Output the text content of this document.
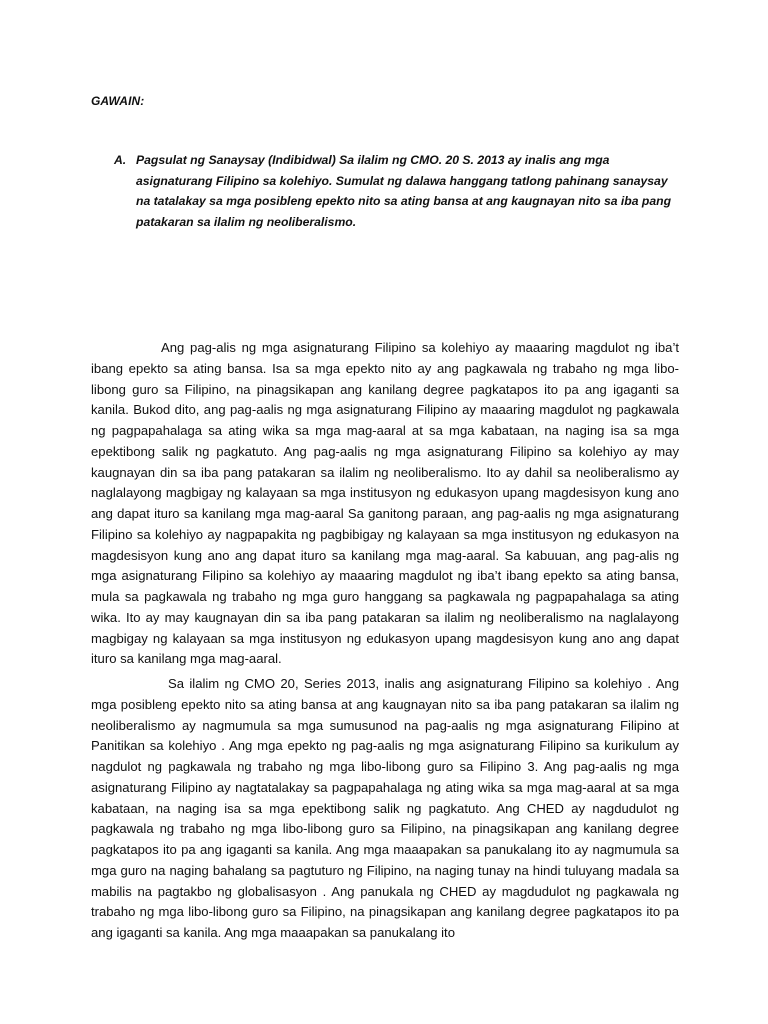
GAWAIN:
A. Pagsulat ng Sanaysay (Indibidwal) Sa ilalim ng CMO. 20 S. 2013 ay inalis ang mga asignaturang Filipino sa kolehiyo. Sumulat ng dalawa hanggang tatlong pahinang sanaysay na tatalakay sa mga posibleng epekto nito sa ating bansa at ang kaugnayan nito sa iba pang patakaran sa ilalim ng neoliberalismo.

Ang pag-alis ng mga asignaturang Filipino sa kolehiyo ay maaaring magdulot ng iba’t ibang epekto sa ating bansa. Isa sa mga epekto nito ay ang pagkawala ng trabaho ng mga libo-libong guro sa Filipino, na pinagsikapan ang kanilang degree pagkatapos ito pa ang igaganti sa kanila. Bukod dito, ang pag-aalis ng mga asignaturang Filipino ay maaaring magdulot ng pagkawala ng pagpapahalaga sa ating wika sa mga mag-aaral at sa mga kabataan, na naging isa sa mga epektibong salik ng pagkatuto. Ang pag-aalis ng mga asignaturang Filipino sa kolehiyo ay may kaugnayan din sa iba pang patakaran sa ilalim ng neoliberalismo. Ito ay dahil sa neoliberalismo ay naglalayong magbigay ng kalayaan sa mga institusyon ng edukasyon upang magdesisyon kung ano ang dapat ituro sa kanilang mga mag-aaral Sa ganitong paraan, ang pag-aalis ng mga asignaturang Filipino sa kolehiyo ay nagpapakita ng pagbibigay ng kalayaan sa mga institusyon ng edukasyon na magdesisyon kung ano ang dapat ituro sa kanilang mga mag-aaral. Sa kabuuan, ang pag-alis ng mga asignaturang Filipino sa kolehiyo ay maaaring magdulot ng iba’t ibang epekto sa ating bansa, mula sa pagkawala ng trabaho ng mga guro hanggang sa pagkawala ng pagpapahalaga sa ating wika. Ito ay may kaugnayan din sa iba pang patakaran sa ilalim ng neoliberalismo na naglalayong magbigay ng kalayaan sa mga institusyon ng edukasyon upang magdesisyon kung ano ang dapat ituro sa kanilang mga mag-aaral.

Sa ilalim ng CMO 20, Series 2013, inalis ang asignaturang Filipino sa kolehiyo . Ang mga posibleng epekto nito sa ating bansa at ang kaugnayan nito sa iba pang patakaran sa ilalim ng neoliberalismo ay nagmumula sa mga sumusunod na pag-aalis ng mga asignaturang Filipino at Panitikan sa kolehiyo . Ang mga epekto ng pag-aalis ng mga asignaturang Filipino sa kurikulum ay nagdulot ng pagkawala ng trabaho ng mga libo-libong guro sa Filipino 3. Ang pag-aalis ng mga asignaturang Filipino ay nagtatalakay sa pagpapahalaga ng ating wika sa mga mag-aaral at sa mga kabataan, na naging isa sa mga epektibong salik ng pagkatuto. Ang CHED ay nagdudulot ng pagkawala ng trabaho ng mga libo-libong guro sa Filipino, na pinagsikapan ang kanilang degree pagkatapos ito pa ang igaganti sa kanila. Ang mga maaapakan sa panukalang ito ay nagmumula sa mga guro na naging bahalang sa pagtuturo ng Filipino, na naging tunay na hindi tuluyang madala sa mabilis na pagtakbo ng globalisasyon . Ang panukala ng CHED ay magdudulot ng pagkawala ng trabaho ng mga libo-libong guro sa Filipino, na pinagsikapan ang kanilang degree pagkatapos ito pa ang igaganti sa kanila. Ang mga maaapakan sa panukalang ito
